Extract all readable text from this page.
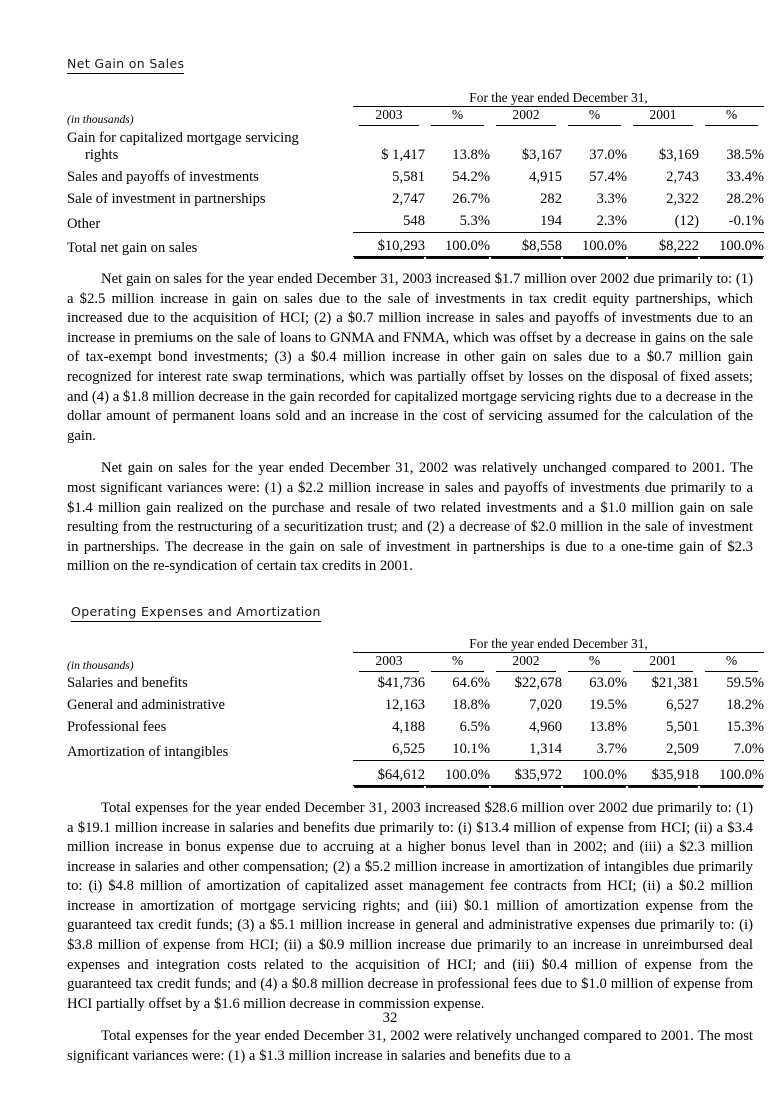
Net Gain on Sales
	For the year ended December 31,					
(in thousands)	2003	%	2002	%	2001	%

Gain for capitalized mortgage servicing
rights	$ 1,417	13.8%	$3,167	37.0%	$3,169	38.5%
Sales and payoffs of investments	5,581	54.2%	4,915	57.4%	2,743	33.4%
Sale of investment in partnerships	2,747	26.7%	282	3.3%	2,322	28.2%
Other	548	5.3%	194	2.3%	(12)	-0.1%

Total net gain on sales	$10,293	100.0%	$8,558	100.0%	$8,222	100.0%

Net gain on sales for the year ended December 31, 2003 increased $1.7 million over 2002 due primarily to: (1) a $2.5 million increase in gain on sales due to the sale of investments in tax credit equity partnerships, which increased due to the acquisition of HCI; (2) a $0.7 million increase in sales and payoffs of investments due to an increase in premiums on the sale of loans to GNMA and FNMA, which was offset by a decrease in gains on the sale of tax-exempt bond investments; (3) a $0.4 million increase in other gain on sales due to a $0.7 million gain recognized for interest rate swap terminations, which was partially offset by losses on the disposal of fixed assets; and (4) a $1.8 million decrease in the gain recorded for capitalized mortgage servicing rights due to a decrease in the dollar amount of permanent loans sold and an increase in the cost of servicing assumed for the calculation of the gain.

Net gain on sales for the year ended December 31, 2002 was relatively unchanged compared to 2001. The most significant variances were: (1) a $2.2 million increase in sales and payoffs of investments due primarily to a $1.4 million gain realized on the purchase and resale of two related investments and a $1.0 million gain on sale resulting from the restructuring of a securitization trust; and (2) a decrease of $2.0 million in the sale of investment in partnerships. The decrease in the gain on sale of investment in partnerships is due to a one-time gain of $2.3 million on the re-syndication of certain tax credits in 2001.

Operating Expenses and Amortization
	For the year ended December 31,					
(in thousands)	2003	%	2002	%	2001	%

Salaries and benefits	$41,736	64.6%	$22,678	63.0%	$21,381	59.5%
General and administrative	12,163	18.8%	7,020	19.5%	6,527	18.2%
Professional fees	4,188	6.5%	4,960	13.8%	5,501	15.3%
Amortization of intangibles	6,525	10.1%	1,314	3.7%	2,509	7.0%

	$64,612	100.0%	$35,972	100.0%	$35,918	100.0%

Total expenses for the year ended December 31, 2003 increased $28.6 million over 2002 due primarily to: (1) a $19.1 million increase in salaries and benefits due primarily to: (i) $13.4 million of expense from HCI; (ii) a $3.4 million increase in bonus expense due to accruing at a higher bonus level than in 2002; and (iii) a $2.3 million increase in salaries and other compensation; (2) a $5.2 million increase in amortization of intangibles due primarily to: (i) $4.8 million of amortization of capitalized asset management fee contracts from HCI; (ii) a $0.2 million increase in amortization of mortgage servicing rights; and (iii) $0.1 million of amortization expense from the guaranteed tax credit funds; (3) a $5.1 million increase in general and administrative expenses due primarily to: (i) $3.8 million of expense from HCI; (ii) a $0.9 million increase due primarily to an increase in unreimbursed deal expenses and integration costs related to the acquisition of HCI; and (iii) $0.4 million of expense from the guaranteed tax credit funds; and (4) a $0.8 million decrease in professional fees due to $1.0 million of expense from HCI partially offset by a $1.6 million decrease in commission expense.

Total expenses for the year ended December 31, 2002 were relatively unchanged compared to 2001. The most significant variances were: (1) a $1.3 million increase in salaries and benefits due to a

32
